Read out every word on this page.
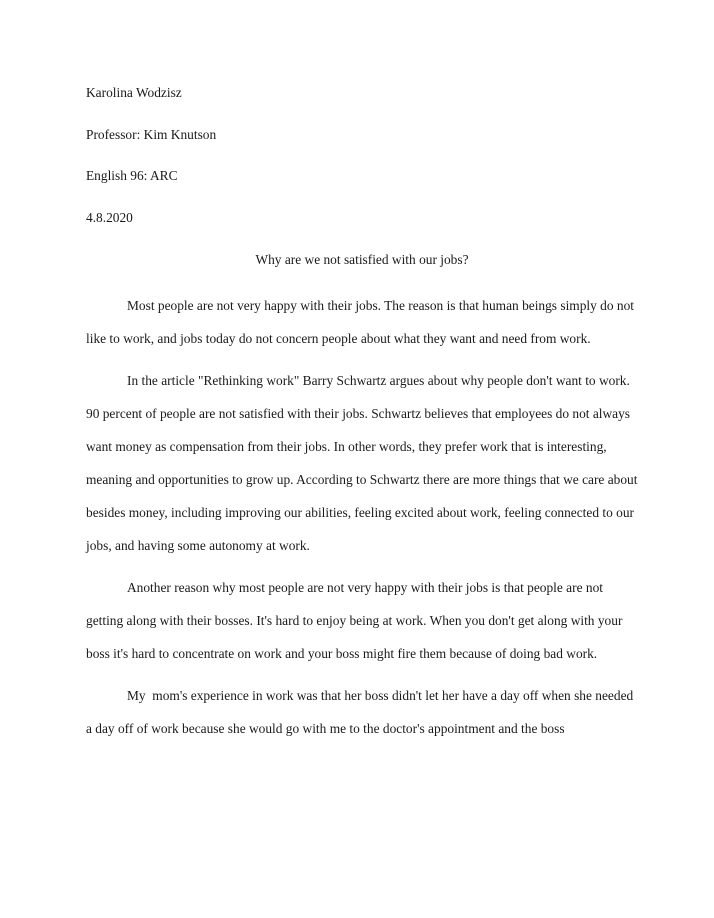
Karolina Wodzisz

Professor: Kim Knutson

English 96: ARC

4.8.2020

Why are we not satisfied with our jobs?

Most people are not very happy with their jobs. The reason is that human beings simply do not like to work, and jobs today do not concern people about what they want and need from work.

In the article "Rethinking work" Barry Schwartz argues about why people don't want to work. 90 percent of people are not satisfied with their jobs. Schwartz believes that employees do not always want money as compensation from their jobs. In other words, they prefer work that is interesting, meaning and opportunities to grow up. According to Schwartz there are more things that we care about besides money, including improving our abilities, feeling excited about work, feeling connected to our jobs, and having some autonomy at work.

Another reason why most people are not very happy with their jobs is that people are not getting along with their bosses. It's hard to enjoy being at work. When you don't get along with your boss it's hard to concentrate on work and your boss might fire them because of doing bad work.

My  mom's experience in work was that her boss didn't let her have a day off when she needed a day off of work because she would go with me to the doctor's appointment and the boss
